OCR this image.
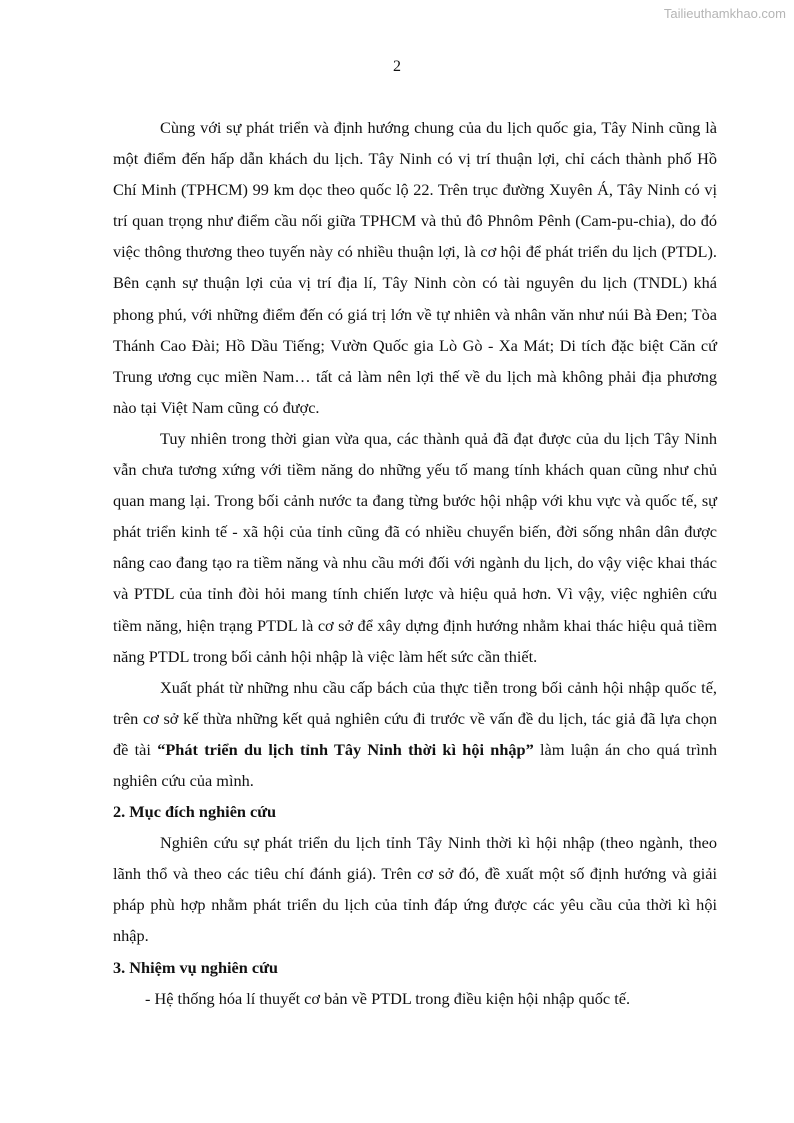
Tailieuthamkhao.com
2

Cùng với sự phát triển và định hướng chung của du lịch quốc gia, Tây Ninh cũng là một điểm đến hấp dẫn khách du lịch. Tây Ninh có vị trí thuận lợi, chỉ cách thành phố Hồ Chí Minh (TPHCM) 99 km dọc theo quốc lộ 22. Trên trục đường Xuyên Á, Tây Ninh có vị trí quan trọng như điểm cầu nối giữa TPHCM và thủ đô Phnôm Pênh (Cam-pu-chia), do đó việc thông thương theo tuyến này có nhiều thuận lợi, là cơ hội để phát triển du lịch (PTDL). Bên cạnh sự thuận lợi của vị trí địa lí, Tây Ninh còn có tài nguyên du lịch (TNDL) khá phong phú, với những điểm đến có giá trị lớn về tự nhiên và nhân văn như núi Bà Đen; Tòa Thánh Cao Đài; Hồ Dầu Tiếng; Vườn Quốc gia Lò Gò - Xa Mát; Di tích đặc biệt Căn cứ Trung ương cục miền Nam… tất cả làm nên lợi thế về du lịch mà không phải địa phương nào tại Việt Nam cũng có được.

Tuy nhiên trong thời gian vừa qua, các thành quả đã đạt được của du lịch Tây Ninh vẫn chưa tương xứng với tiềm năng do những yếu tố mang tính khách quan cũng như chủ quan mang lại. Trong bối cảnh nước ta đang từng bước hội nhập với khu vực và quốc tế, sự phát triển kinh tế - xã hội của tỉnh cũng đã có nhiều chuyển biến, đời sống nhân dân được nâng cao đang tạo ra tiềm năng và nhu cầu mới đối với ngành du lịch, do vậy việc khai thác và PTDL của tỉnh đòi hỏi mang tính chiến lược và hiệu quả hơn. Vì vậy, việc nghiên cứu tiềm năng, hiện trạng PTDL là cơ sở để xây dựng định hướng nhằm khai thác hiệu quả tiềm năng PTDL trong bối cảnh hội nhập là việc làm hết sức cần thiết.

Xuất phát từ những nhu cầu cấp bách của thực tiễn trong bối cảnh hội nhập quốc tế, trên cơ sở kế thừa những kết quả nghiên cứu đi trước về vấn đề du lịch, tác giả đã lựa chọn đề tài “Phát triển du lịch tỉnh Tây Ninh thời kì hội nhập” làm luận án cho quá trình nghiên cứu của mình.

2. Mục đích nghiên cứu

Nghiên cứu sự phát triển du lịch tỉnh Tây Ninh thời kì hội nhập (theo ngành, theo lãnh thổ và theo các tiêu chí đánh giá). Trên cơ sở đó, đề xuất một số định hướng và giải pháp phù hợp nhằm phát triển du lịch của tỉnh đáp ứng được các yêu cầu của thời kì hội nhập.

3. Nhiệm vụ nghiên cứu
- Hệ thống hóa lí thuyết cơ bản về PTDL trong điều kiện hội nhập quốc tế.
